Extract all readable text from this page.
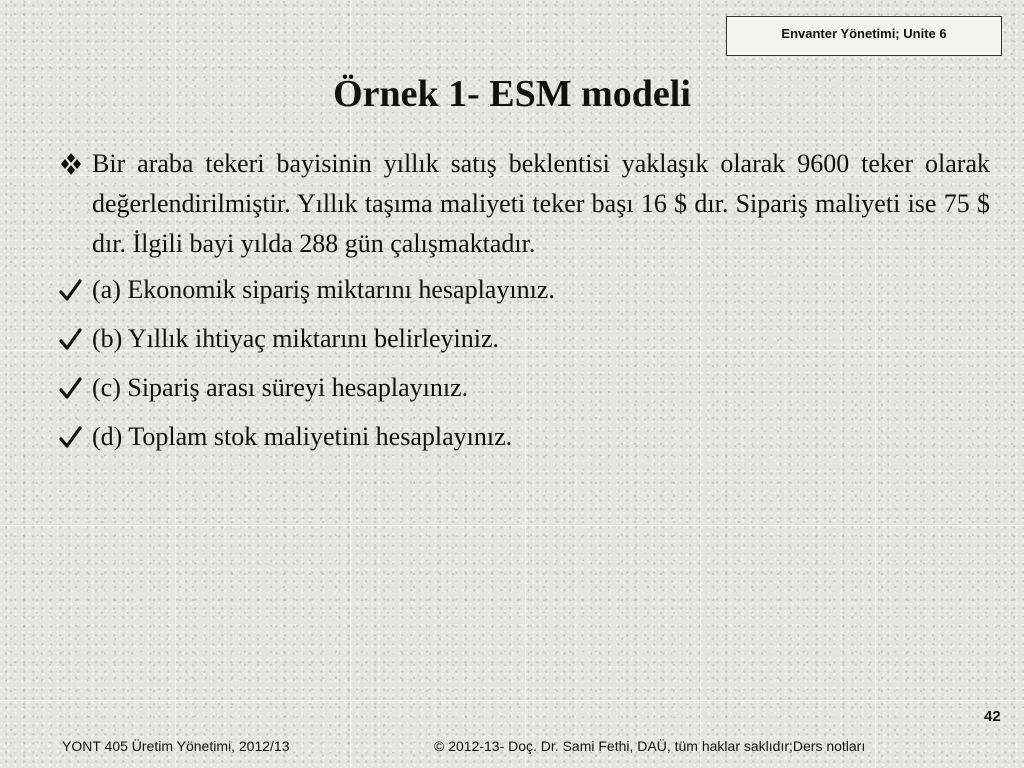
Envanter Yönetimi; Unite 6
Örnek 1- ESM modeli
Bir araba tekeri bayisinin yıllık satış beklentisi yaklaşık olarak 9600 teker olarak değerlendirilmiştir. Yıllık taşıma maliyeti teker başı 16 $ dır. Sipariş maliyeti ise 75 $ dır. İlgili bayi yılda 288 gün çalışmaktadır.
(a) Ekonomik sipariş miktarını hesaplayınız.
(b) Yıllık ihtiyaç miktarını belirleyiniz.
(c) Sipariş arası süreyi hesaplayınız.
(d) Toplam stok maliyetini hesaplayınız.
42
YONT 405 Üretim Yönetimi, 2012/13	© 2012-13- Doç. Dr. Sami Fethi, DAÜ, tüm haklar saklıdır;Ders notları
